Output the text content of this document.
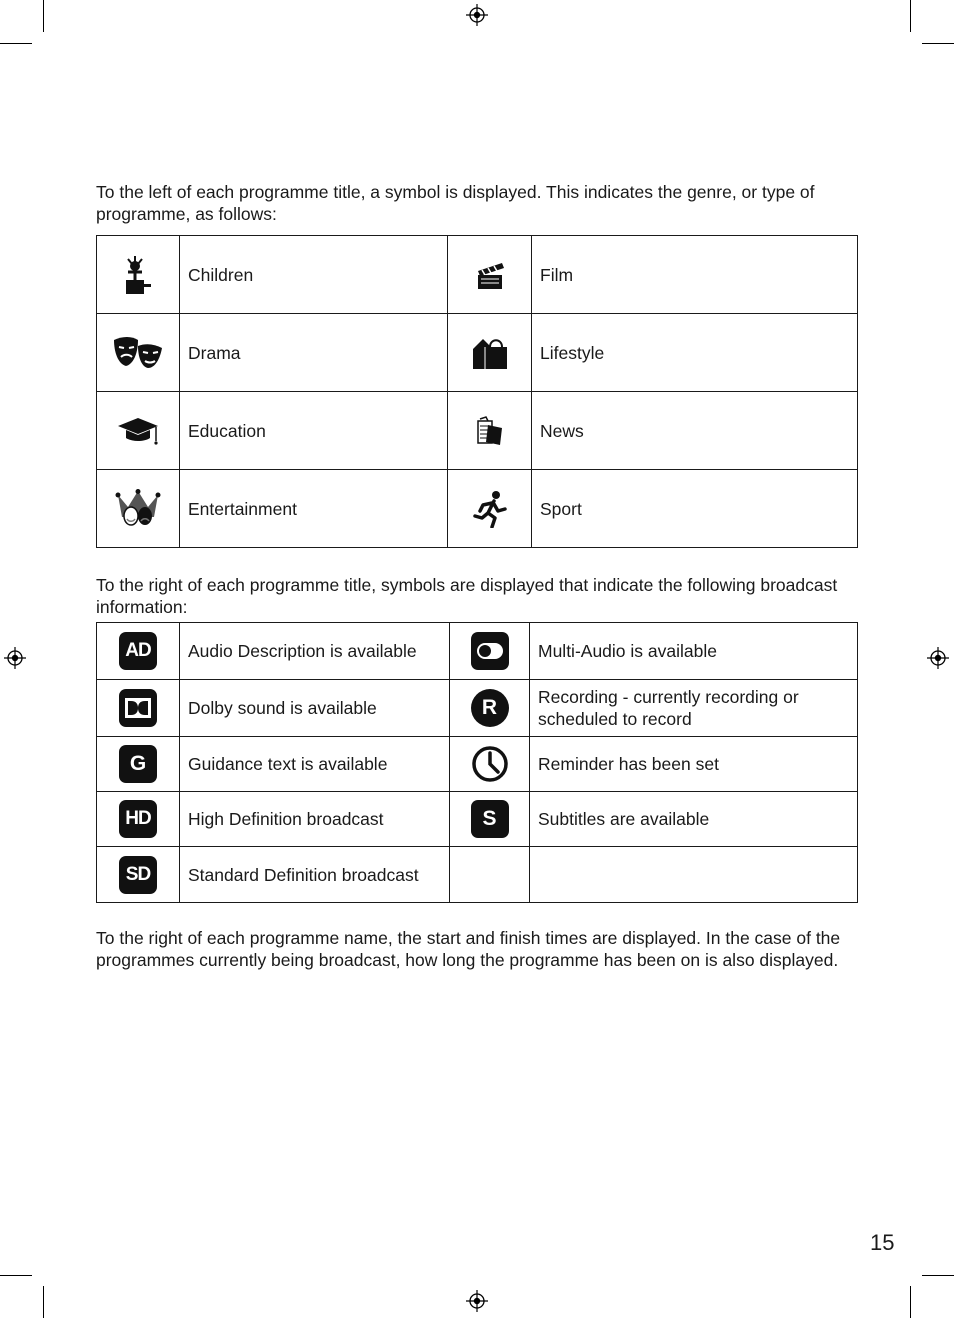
To the left of each programme title, a symbol is displayed. This indicates the genre, or type of programme, as follows:

	Children		Film
	Drama		Lifestyle
	Education		News
	Entertainment		Sport

To the right of each programme title, symbols are displayed that indicate the following broadcast information:

AD	Audio Description is available		Multi-Audio is available
	Dolby sound is available	R	Recording - currently recording or scheduled to record
G	Guidance text is available		Reminder has been set
HD	High Definition broadcast	S	Subtitles are available
SD	Standard Definition broadcast		

To the right of each programme name, the start and finish times are displayed. In the case of the programmes currently being broadcast, how long the programme has been on is also displayed.

15
